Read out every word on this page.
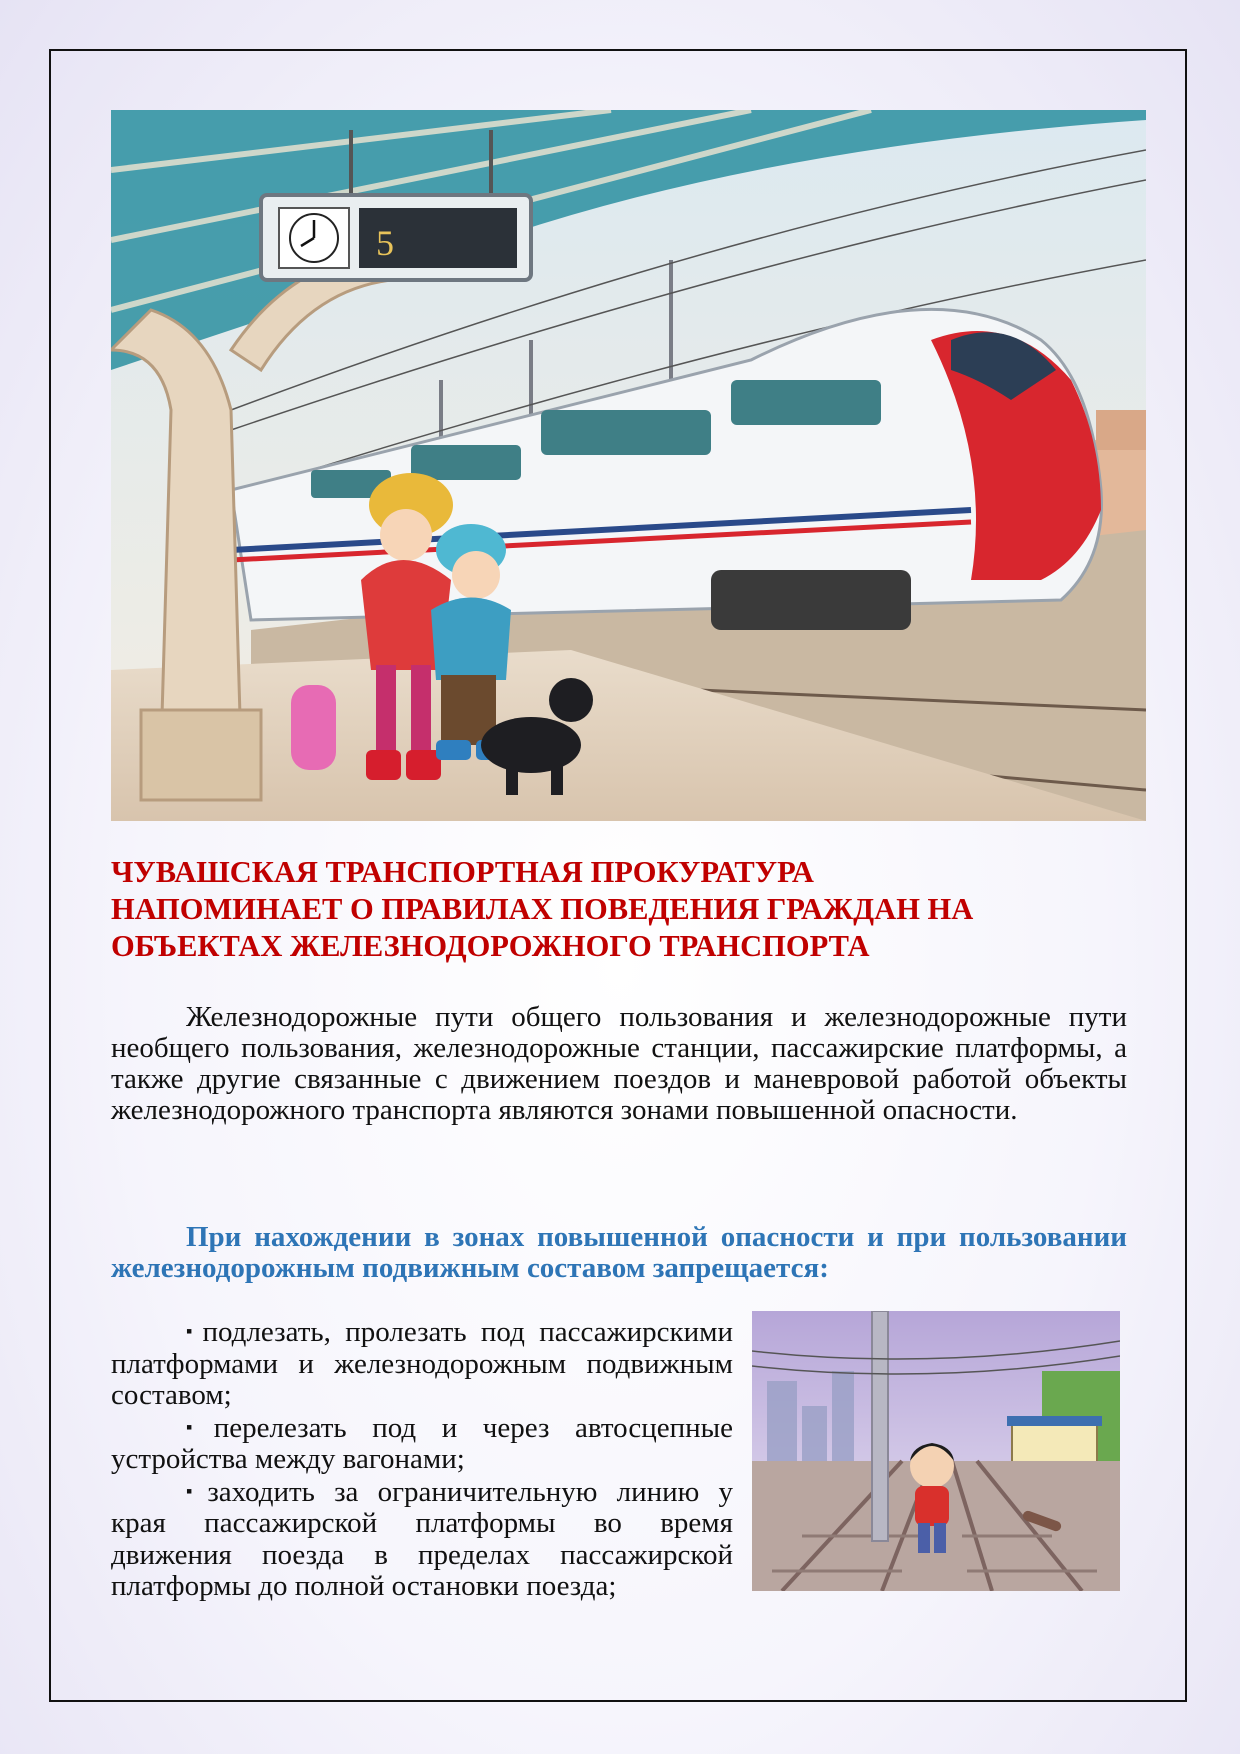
5
ЧУВАШСКАЯ ТРАНСПОРТНАЯ ПРОКУРАТУРА
НАПОМИНАЕТ О ПРАВИЛАХ ПОВЕДЕНИЯ ГРАЖДАН НА
ОБЪЕКТАХ ЖЕЛЕЗНОДОРОЖНОГО ТРАНСПОРТА

Железнодорожные пути общего пользования и железнодорожные пути необщего пользования, железнодорожные станции, пассажирские платформы, а также другие связанные с движением поездов и маневровой работой объекты железнодорожного транспорта являются зонами повышенной опасности.

При нахождении в зонах повышенной опасности и при пользовании железнодорожным подвижным составом запрещается:

▪ подлезать, пролезать под пассажирскими платформами и железнодорожным подвижным составом;
▪ перелезать под и через автосцепные устройства между вагонами;
▪ заходить за ограничительную линию у края пассажирской платформы во время движения поезда в пределах пассажирской платформы до полной остановки поезда;
